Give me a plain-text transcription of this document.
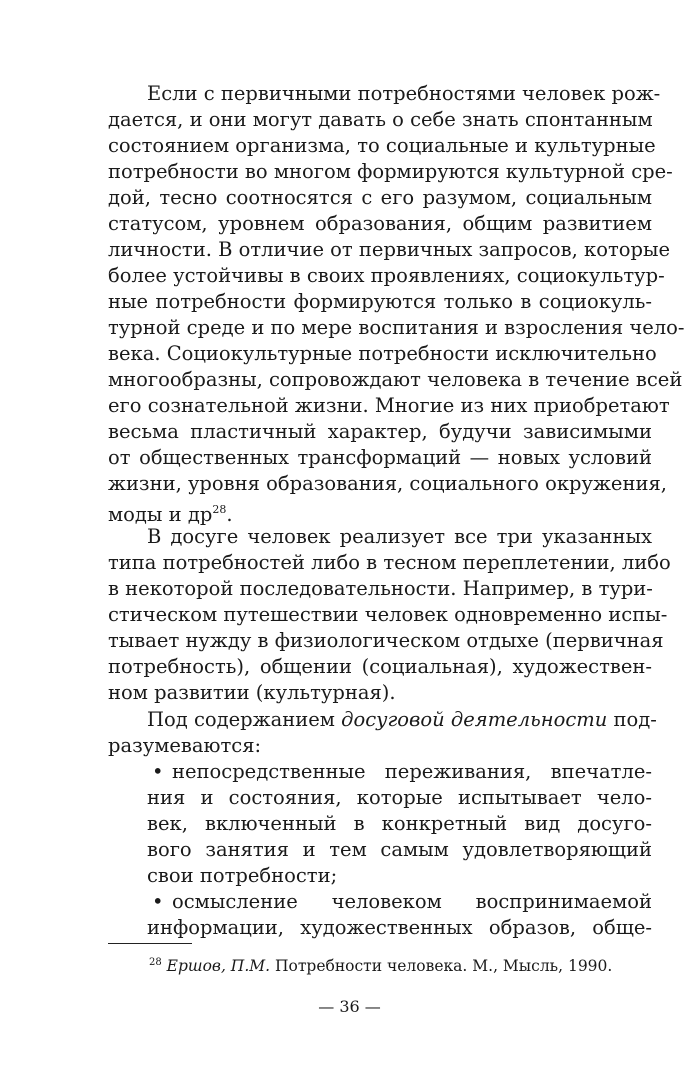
Если с первичными потребностями человек рож-
дается, и они могут давать о себе знать спонтанным
состоянием организма, то социальные и культурные
потребности во многом формируются культурной сре-
дой, тесно соотносятся с его разумом, социальным
статусом, уровнем образования, общим развитием
личности. В отличие от первичных запросов, которые
более устойчивы в своих проявлениях, социокультур-
ные потребности формируются только в социокуль-
турной среде и по мере воспитания и взросления чело-
века. Социокультурные потребности исключительно
многообразны, сопровождают человека в течение всей
его сознательной жизни. Многие из них приобретают
весьма пластичный характер, будучи зависимыми
от общественных трансформаций — новых условий
жизни, уровня образования, социального окружения,
моды и $др^{28}$.
В досуге человек реализует все три указанных
типа потребностей либо в тесном переплетении, либо
в некоторой последовательности. Например, в тури-
стическом путешествии человек одновременно испы-
тывает нужду в физиологическом отдыхе (первичная
потребность), общении (социальная), художествен-
ном развитии (культурная).
Под содержанием досуговой деятельности под-
разумеваются:
• непосредственные переживания, впечатле-
ния и состояния, которые испытывает чело-
век, включенный в конкретный вид досуго-
вого занятия и тем самым удовлетворяющий
свои потребности;
• осмысление человеком воспринимаемой
информации, художественных образов, обще-
$^{28}$ Ершов, П.М. Потребности человека. М., Мысль, 1990.
— 36 —
